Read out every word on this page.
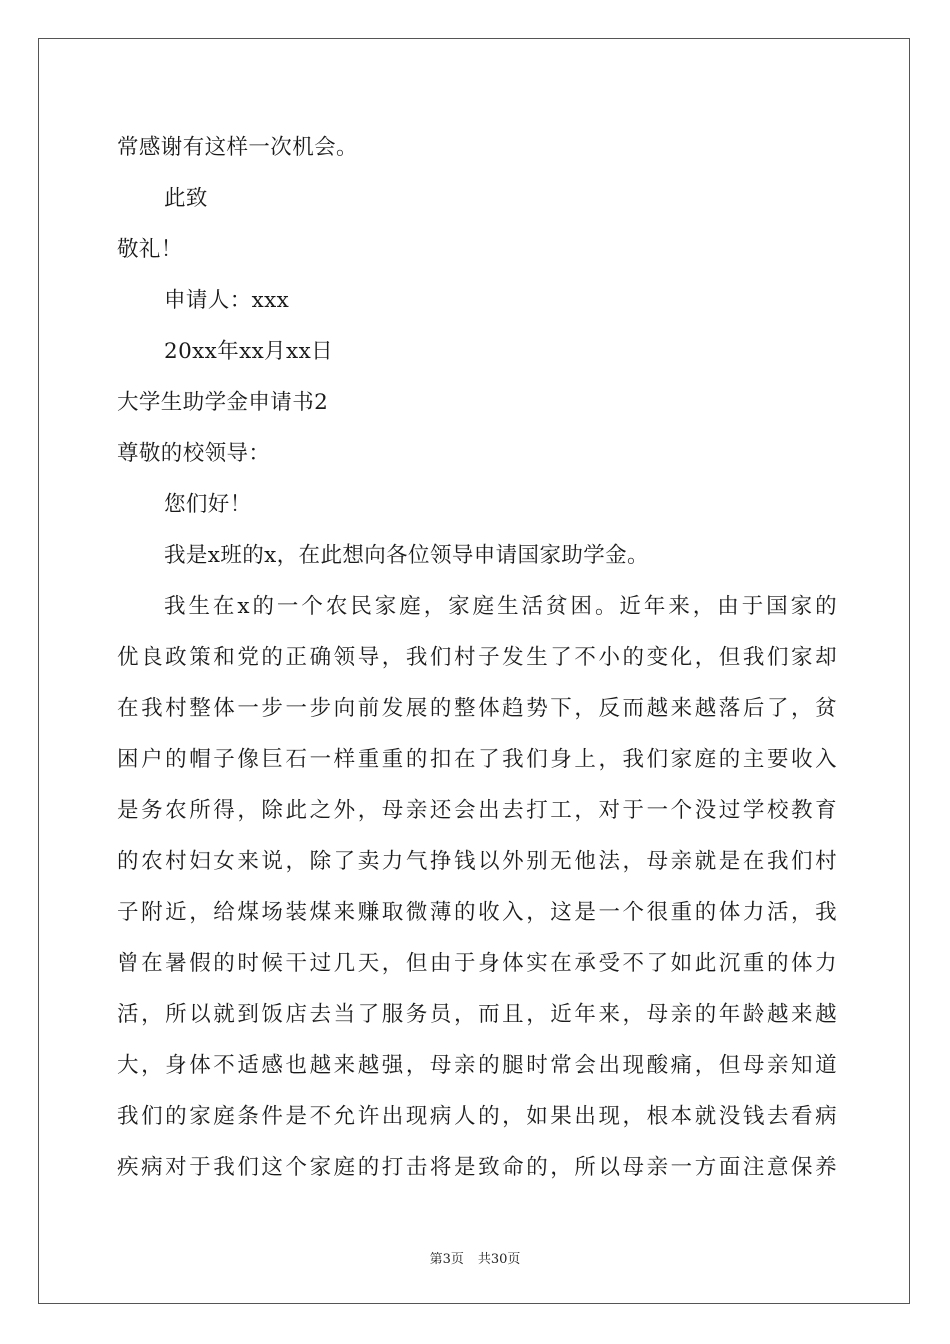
常感谢有这样一次机会。
此致
敬礼！
申请人：xxx
20xx年xx月xx日
大学生助学金申请书2
尊敬的校领导：
您们好！
我是x班的x，在此想向各位领导申请国家助学金。
我生在x的一个农民家庭，家庭生活贫困。近年来，由于国家的
优良政策和党的正确领导，我们村子发生了不小的变化，但我们家却
在我村整体一步一步向前发展的整体趋势下，反而越来越落后了，贫
困户的帽子像巨石一样重重的扣在了我们身上，我们家庭的主要收入
是务农所得，除此之外，母亲还会出去打工，对于一个没过学校教育
的农村妇女来说，除了卖力气挣钱以外别无他法，母亲就是在我们村
子附近，给煤场装煤来赚取微薄的收入，这是一个很重的体力活，我
曾在暑假的时候干过几天，但由于身体实在承受不了如此沉重的体力
活，所以就到饭店去当了服务员，而且，近年来，母亲的年龄越来越
大，身体不适感也越来越强，母亲的腿时常会出现酸痛，但母亲知道
我们的家庭条件是不允许出现病人的，如果出现，根本就没钱去看病
疾病对于我们这个家庭的打击将是致命的，所以母亲一方面注意保养
第3页 共30页
